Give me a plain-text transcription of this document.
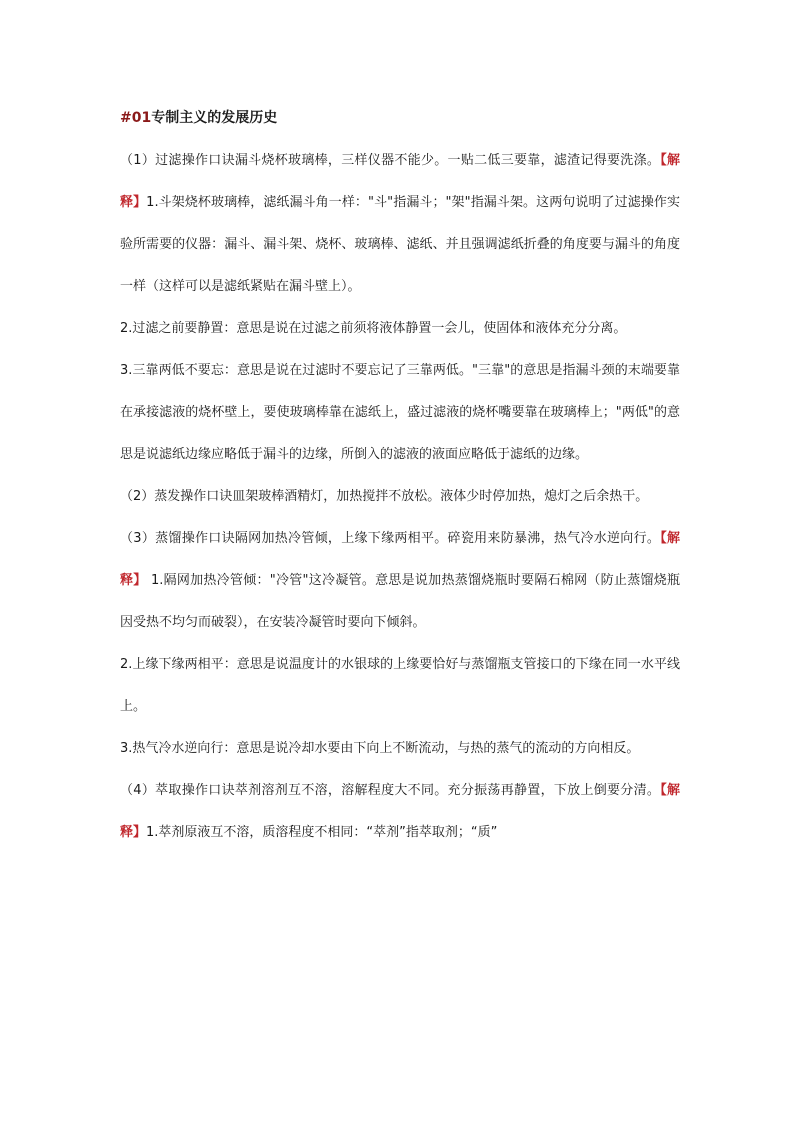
#01专制主义的发展历史

（1）过滤操作口诀漏斗烧杯玻璃棒，三样仪器不能少。一贴二低三要靠，滤渣记得要洗涤。【解释】1.斗架烧杯玻璃棒，滤纸漏斗角一样："斗"指漏斗；"架"指漏斗架。这两句说明了过滤操作实验所需要的仪器：漏斗、漏斗架、烧杯、玻璃棒、滤纸、并且强调滤纸折叠的角度要与漏斗的角度一样（这样可以是滤纸紧贴在漏斗壁上）。

2.过滤之前要静置：意思是说在过滤之前须将液体静置一会儿，使固体和液体充分分离。

3.三靠两低不要忘：意思是说在过滤时不要忘记了三靠两低。"三靠"的意思是指漏斗颈的末端要靠在承接滤液的烧杯壁上，要使玻璃棒靠在滤纸上，盛过滤液的烧杯嘴要靠在玻璃棒上；"两低"的意思是说滤纸边缘应略低于漏斗的边缘，所倒入的滤液的液面应略低于滤纸的边缘。

（2）蒸发操作口诀皿架玻棒酒精灯，加热搅拌不放松。液体少时停加热，熄灯之后余热干。

（3）蒸馏操作口诀隔网加热冷管倾，上缘下缘两相平。碎瓷用来防暴沸，热气冷水逆向行。【解释】 1.隔网加热冷管倾："冷管"这冷凝管。意思是说加热蒸馏烧瓶时要隔石棉网（防止蒸馏烧瓶因受热不均匀而破裂），在安装冷凝管时要向下倾斜。

2.上缘下缘两相平：意思是说温度计的水银球的上缘要恰好与蒸馏瓶支管接口的下缘在同一水平线上。

3.热气冷水逆向行：意思是说冷却水要由下向上不断流动，与热的蒸气的流动的方向相反。

（4）萃取操作口诀萃剂溶剂互不溶，溶解程度大不同。充分振荡再静置，下放上倒要分清。【解释】1.萃剂原液互不溶，质溶程度不相同：“萃剂”指萃取剂；“质”
